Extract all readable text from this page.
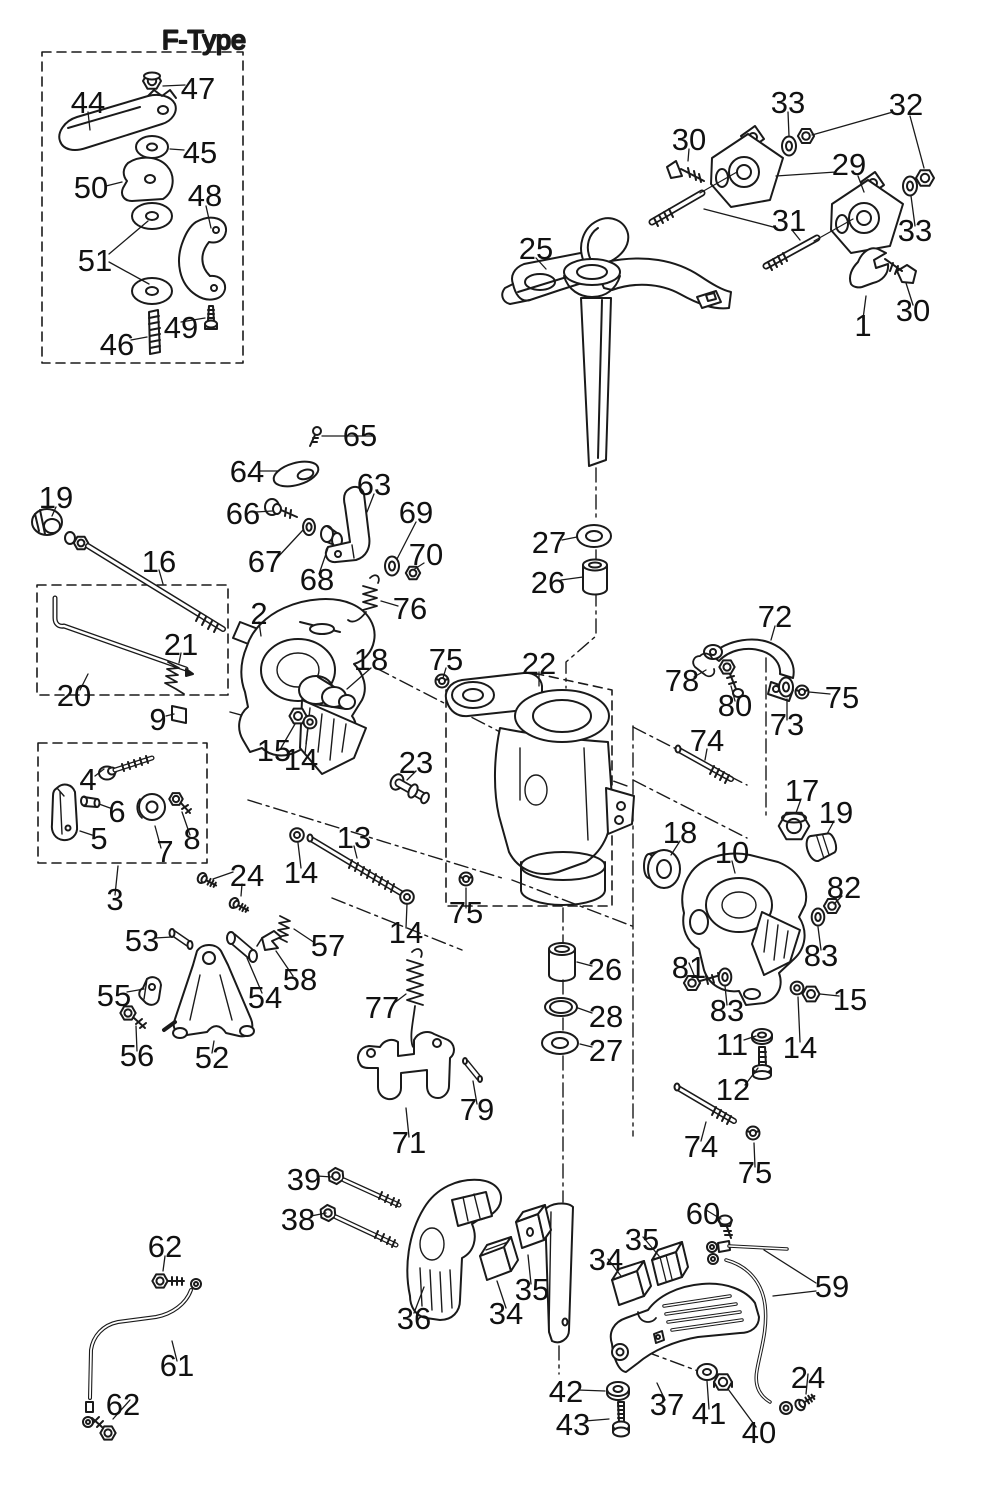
F-Type
47
44
45
50	48
51
49
46
33	32
30
29
31
25
33
30
1
65
64	63
66	69
67
68
70
76
19
16
2
21
20
9
18 75
15
14
27
26
22
23
13
14
24
14
57
58
53
55	54
56 52
3
4
6
5 7 8
72
78
80
73
75
74
17
19
18
10
82
83
81
83	15
14
11
12
75
77
71
79
26
28
27
74
75
39
38
36 34
35
34
35
60
59
42
43
37 41
40
24
62
61
62
